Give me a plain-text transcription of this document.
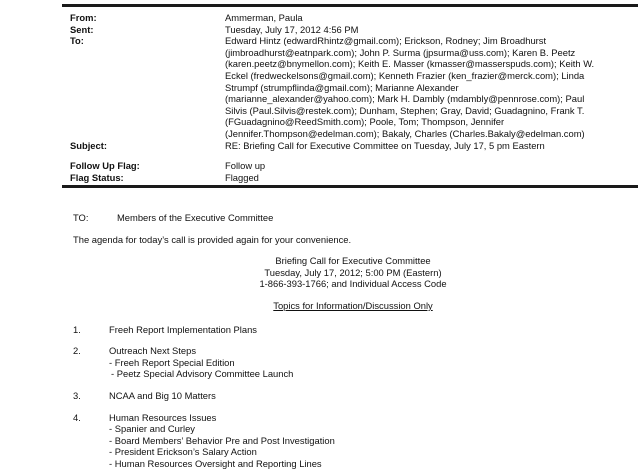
From:	Ammerman, Paula
Sent:	Tuesday, July 17, 2012 4:56 PM
To:	Edward Hintz (edwardRhintz@gmail.com); Erickson, Rodney; Jim Broadhurst
(jimbroadhurst@eatnpark.com); John P. Surma (jpsurma@uss.com); Karen B. Peetz
(karen.peetz@bnymellon.com); Keith E. Masser (kmasser@masserspuds.com); Keith W.
Eckel (fredweckelsons@gmail.com); Kenneth Frazier (ken_frazier@merck.com); Linda
Strumpf (strumpflinda@gmail.com); Marianne Alexander
(marianne_alexander@yahoo.com); Mark H. Dambly (mdambly@pennrose.com); Paul
Silvis (Paul.Silvis@restek.com); Dunham, Stephen; Gray, David; Guadagnino, Frank T.
(FGuadagnino@ReedSmith.com); Poole, Tom; Thompson, Jennifer
(Jennifer.Thompson@edelman.com); Bakaly, Charles (Charles.Bakaly@edelman.com)
Subject:	RE: Briefing Call for Executive Committee on Tuesday, July 17, 5 pm Eastern
Follow Up Flag:	Follow up
Flag Status:	Flagged
TO:	Members of the Executive Committee
The agenda for today’s call is provided again for your convenience.
Briefing Call for Executive Committee
Tuesday, July 17, 2012; 5:00 PM (Eastern)
1-866-393-1766; and Individual Access Code
Topics for Information/Discussion Only
1.	Freeh Report Implementation Plans
2.	Outreach Next Steps
- Freeh Report Special Edition
- Peetz Special Advisory Committee Launch
3.	NCAA and Big 10 Matters
4.	Human Resources Issues
- Spanier and Curley
- Board Members’ Behavior Pre and Post Investigation
- President Erickson’s Salary Action
- Human Resources Oversight and Reporting Lines
